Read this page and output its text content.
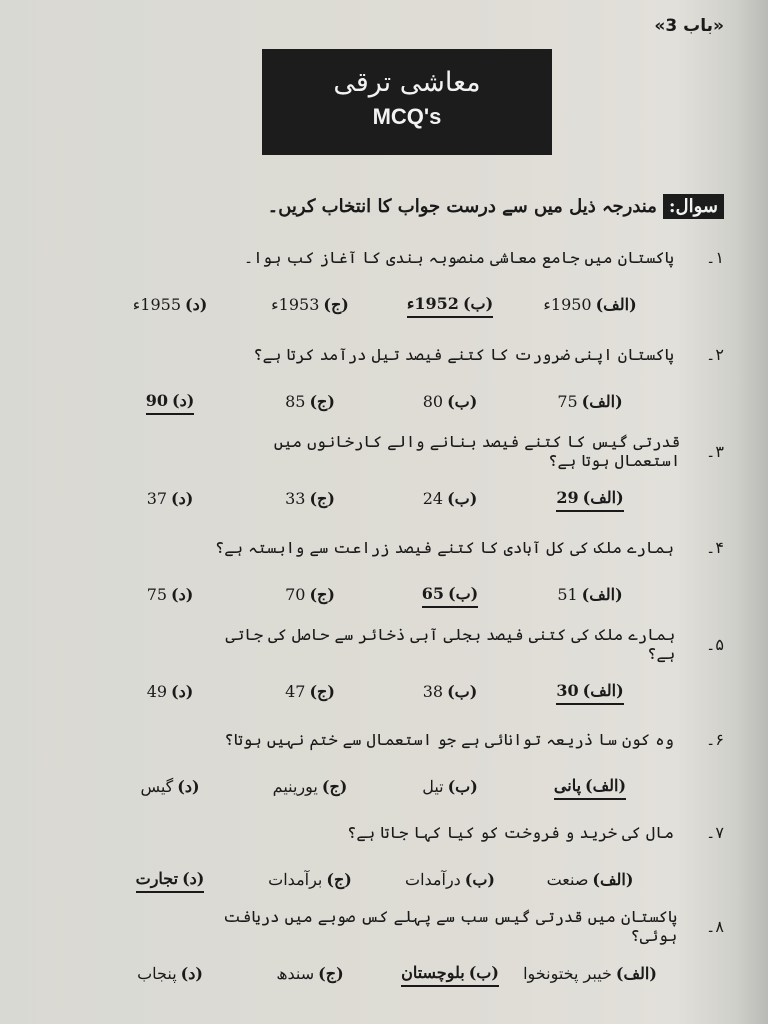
«باب 3»
معاشی ترقی
MCQ's
سوال:
مندرجہ ذیل میں سے درست جواب کا انتخاب کریں۔
۱۔
پاکستان میں جامع معاشی منصوبہ بندی کا آغاز کب ہوا۔
(الف)1950ء
(ب)1952ء
(ج)1953ء
(د)1955ء
۲۔
پاکستان اپنی ضرورت کا کتنے فیصد تیل درآمد کرتا ہے؟
(الف)75
(ب)80
(ج)85
(د)90
۳۔
قدرتی گیس کا کتنے فیصد بنانے والے کارخانوں میں استعمال ہوتا ہے؟
(الف)29
(ب)24
(ج)33
(د)37
۴۔
ہمارے ملک کی کل آبادی کا کتنے فیصد زراعت سے وابستہ ہے؟
(الف)51
(ب)65
(ج)70
(د)75
۵۔
ہمارے ملک کی کتنی فیصد بجلی آبی ذخائر سے حاصل کی جاتی ہے؟
(الف)30
(ب)38
(ج)47
(د)49
۶۔
وہ کون سا ذریعہ توانائی ہے جو استعمال سے ختم نہیں ہوتا؟
(الف)پانی
(ب)تیل
(ج)یورینیم
(د)گیس
۷۔
مال کی خرید و فروخت کو کیا کہا جاتا ہے؟
(الف)صنعت
(ب)درآمدات
(ج)برآمدات
(د)تجارت
۸۔
پاکستان میں قدرتی گیس سب سے پہلے کس صوبے میں دریافت ہوئی؟
(الف)خیبر پختونخوا
(ب)بلوچستان
(ج)سندھ
(د)پنجاب
